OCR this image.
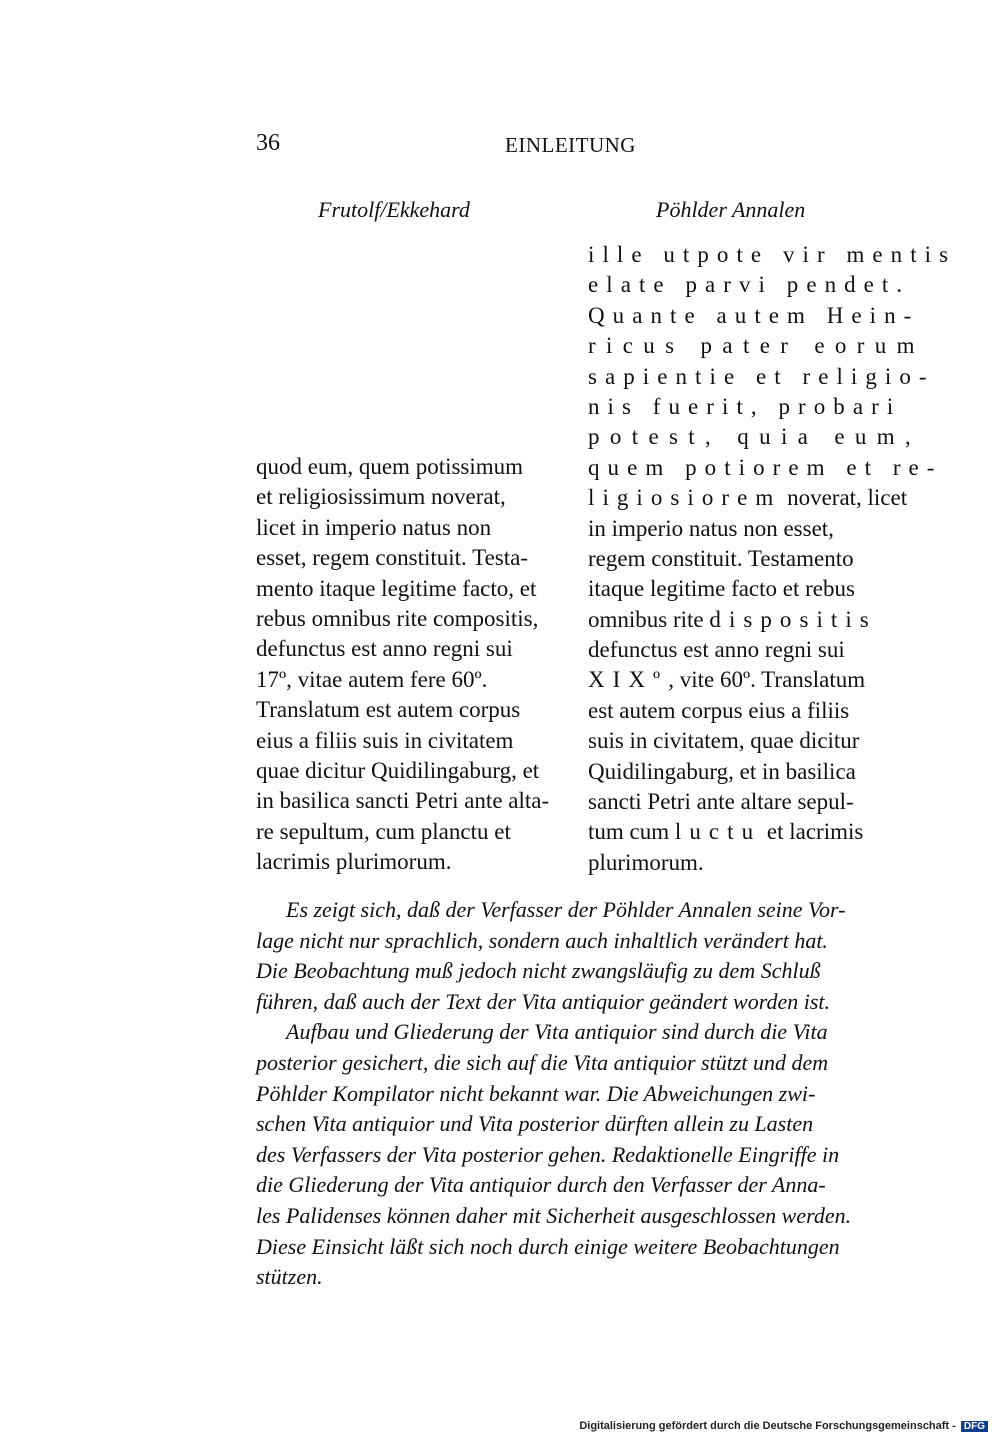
36	EINLEITUNG
Frutolf/Ekkehard	Pöhlder Annalen
quod eum, quem potissimum
et religiosissimum noverat,
licet in imperio natus non
esset, regem constituit. Testa-
mento itaque legitime facto, et
rebus omnibus rite compositis,
defunctus est anno regni sui
17º, vitae autem fere 60º.
Translatum est autem corpus
eius a filiis suis in civitatem
quae dicitur Quidilingaburg, et
in basilica sancti Petri ante alta-
re sepultum, cum planctu et
lacrimis plurimorum.
ille utpote vir mentis
elate parvi pendet.
Quante autem Hein-
ricus pater eorum
sapientie et religio-
nis fuerit, probari
potest, quia eum,
quem potiorem et re-
ligiosiorem noverat, licet
in imperio natus non esset,
regem constituit. Testamento
itaque legitime facto et rebus
omnibus rite dispositis
defunctus est anno regni sui
XIXº, vite 60º. Translatum
est autem corpus eius a filiis
suis in civitatem, quae dicitur
Quidilingaburg, et in basilica
sancti Petri ante altare sepul-
tum cum luctu et lacrimis
plurimorum.
Es zeigt sich, daß der Verfasser der Pöhlder Annalen seine Vor-
lage nicht nur sprachlich, sondern auch inhaltlich verändert hat.
Die Beobachtung muß jedoch nicht zwangsläufig zu dem Schluß
führen, daß auch der Text der Vita antiquior geändert worden ist.
Aufbau und Gliederung der Vita antiquior sind durch die Vita
posterior gesichert, die sich auf die Vita antiquior stützt und dem
Pöhlder Kompilator nicht bekannt war. Die Abweichungen zwi-
schen Vita antiquior und Vita posterior dürften allein zu Lasten
des Verfassers der Vita posterior gehen. Redaktionelle Eingriffe in
die Gliederung der Vita antiquior durch den Verfasser der Anna-
les Palidenses können daher mit Sicherheit ausgeschlossen werden.
Diese Einsicht läßt sich noch durch einige weitere Beobachtungen
stützen.
Digitalisierung gefördert durch die Deutsche Forschungsgemeinschaft - DFG
